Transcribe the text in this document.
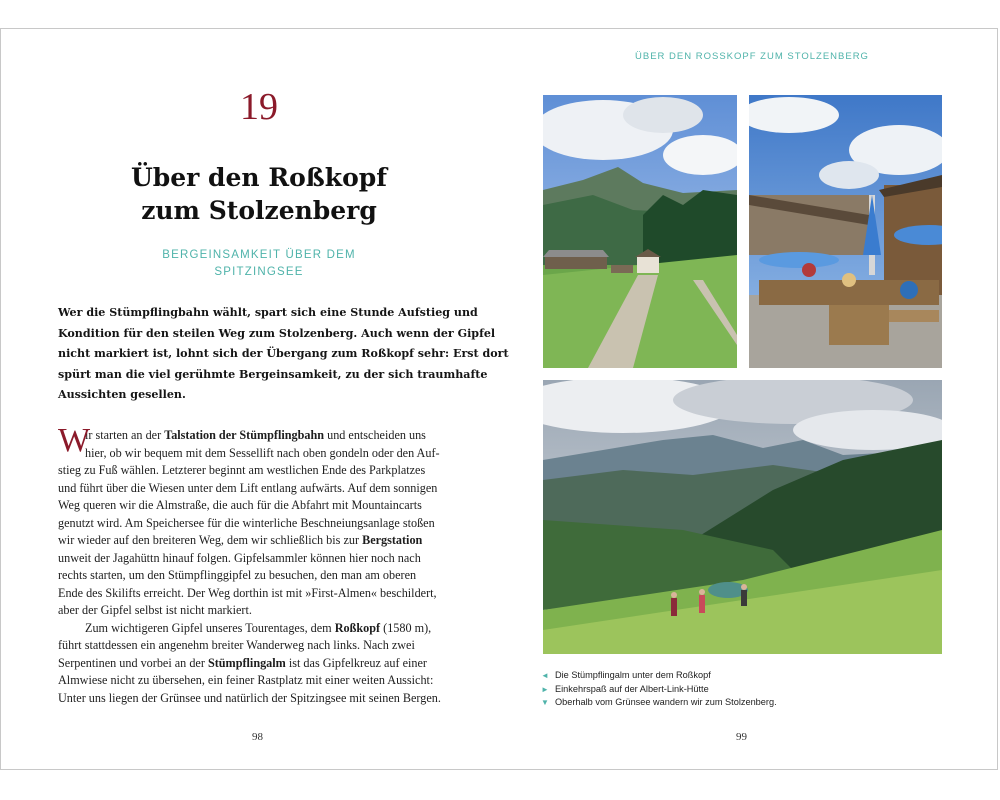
19
Über den Roßkopf
zum Stolzenberg
BERGEINSAMKEIT ÜBER DEM
SPITZINGSEE
Wer die Stümpflingbahn wählt, spart sich eine Stunde Aufstieg und
Kondition für den steilen Weg zum Stolzenberg. Auch wenn der Gipfel
nicht markiert ist, lohnt sich der Übergang zum Roßkopf sehr: Erst dort
spürt man die viel gerühmte Bergeinsamkeit, zu der sich traumhafte
Aussichten gesellen.
W
ir starten an der Talstation der Stümpflingbahn und entscheiden uns
hier, ob wir bequem mit dem Sessellift nach oben gondeln oder den Auf-
stieg zu Fuß wählen. Letzterer beginnt am westlichen Ende des Parkplatzes
und führt über die Wiesen unter dem Lift entlang aufwärts. Auf dem sonnigen
Weg queren wir die Almstraße, die auch für die Abfahrt mit Mountaincarts
genutzt wird. Am Speichersee für die winterliche Beschneiungsanlage stoßen
wir wieder auf den breiteren Weg, dem wir schließlich bis zur Bergstation
unweit der Jagahüttn hinauf folgen. Gipfelsammler können hier noch nach
rechts starten, um den Stümpflinggipfel zu besuchen, den man am oberen
Ende des Skilifts erreicht. Der Weg dorthin ist mit »First-Almen« beschildert,
aber der Gipfel selbst ist nicht markiert.
Zum wichtigeren Gipfel unseres Tourentages, dem Roßkopf (1580 m),
führt stattdessen ein angenehm breiter Wanderweg nach links. Nach zwei
Serpentinen und vorbei an der Stümpflingalm ist das Gipfelkreuz auf einer
Almwiese nicht zu übersehen, ein feiner Rastplatz mit einer weiten Aussicht:
Unter uns liegen der Grünsee und natürlich der Spitzingsee mit seinen Bergen.
98
ÜBER DEN ROSSKOPF ZUM STOLZENBERG
◄ Die Stümpflingalm unter dem Roßkopf
► Einkehrspaß auf der Albert-Link-Hütte
▼ Oberhalb vom Grünsee wandern wir zum Stolzenberg.
99
